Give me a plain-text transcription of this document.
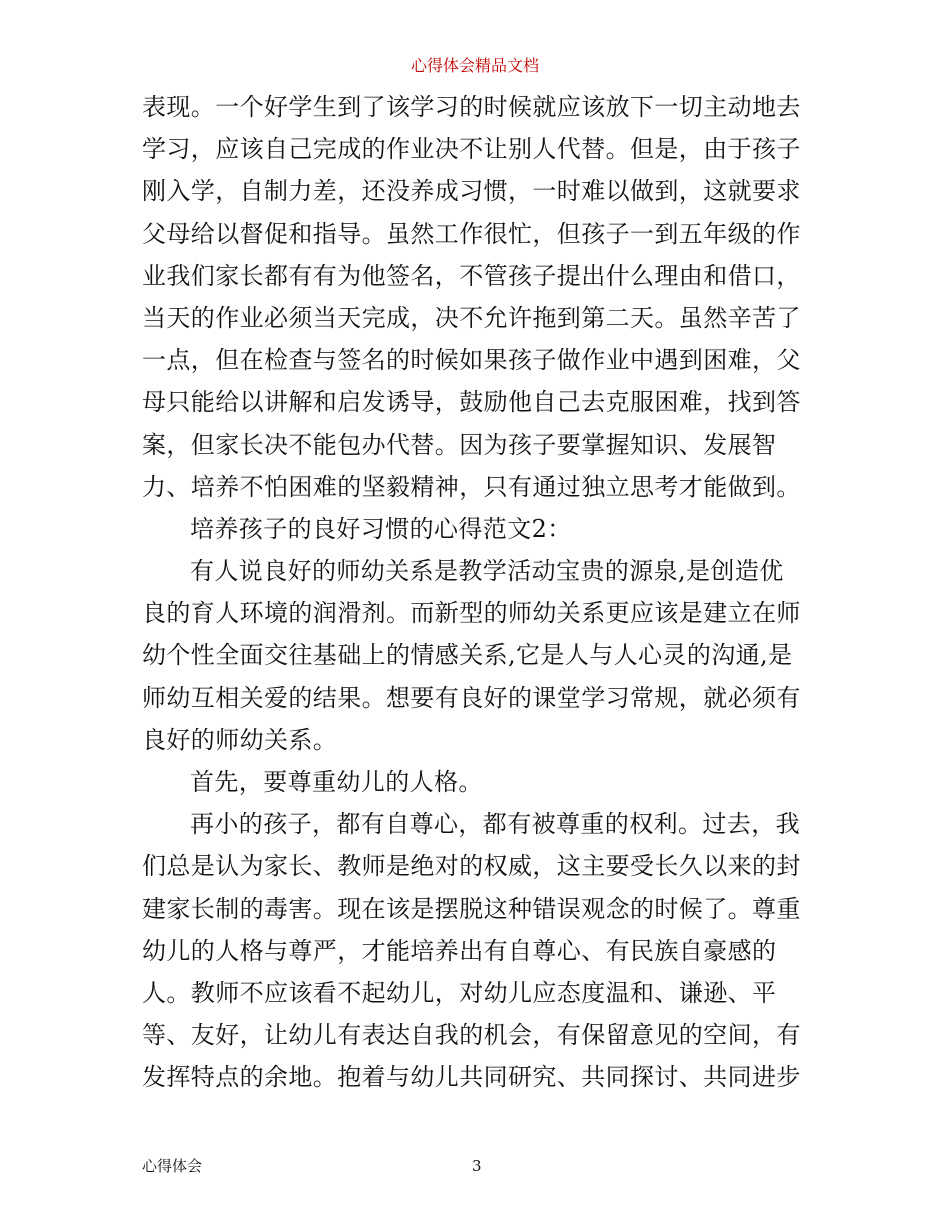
心得体会精品文档
表现。一个好学生到了该学习的时候就应该放下一切主动地去
学习，应该自己完成的作业决不让别人代替。但是，由于孩子
刚入学，自制力差，还没养成习惯，一时难以做到，这就要求
父母给以督促和指导。虽然工作很忙，但孩子一到五年级的作
业我们家长都有有为他签名，不管孩子提出什么理由和借口，
当天的作业必须当天完成，决不允许拖到第二天。虽然辛苦了
一点，但在检查与签名的时候如果孩子做作业中遇到困难，父
母只能给以讲解和启发诱导，鼓励他自己去克服困难，找到答
案，但家长决不能包办代替。因为孩子要掌握知识、发展智
力、培养不怕困难的坚毅精神，只有通过独立思考才能做到。
培养孩子的良好习惯的心得范文2：
有人说良好的师幼关系是教学活动宝贵的源泉,是创造优
良的育人环境的润滑剂。而新型的师幼关系更应该是建立在师
幼个性全面交往基础上的情感关系,它是人与人心灵的沟通,是
师幼互相关爱的结果。想要有良好的课堂学习常规，就必须有
良好的师幼关系。
首先，要尊重幼儿的人格。
再小的孩子，都有自尊心，都有被尊重的权利。过去，我
们总是认为家长、教师是绝对的权威，这主要受长久以来的封
建家长制的毒害。现在该是摆脱这种错误观念的时候了。尊重
幼儿的人格与尊严，才能培养出有自尊心、有民族自豪感的
人。教师不应该看不起幼儿，对幼儿应态度温和、谦逊、平
等、友好，让幼儿有表达自我的机会，有保留意见的空间，有
发挥特点的余地。抱着与幼儿共同研究、共同探讨、共同进步
心得体会	3
